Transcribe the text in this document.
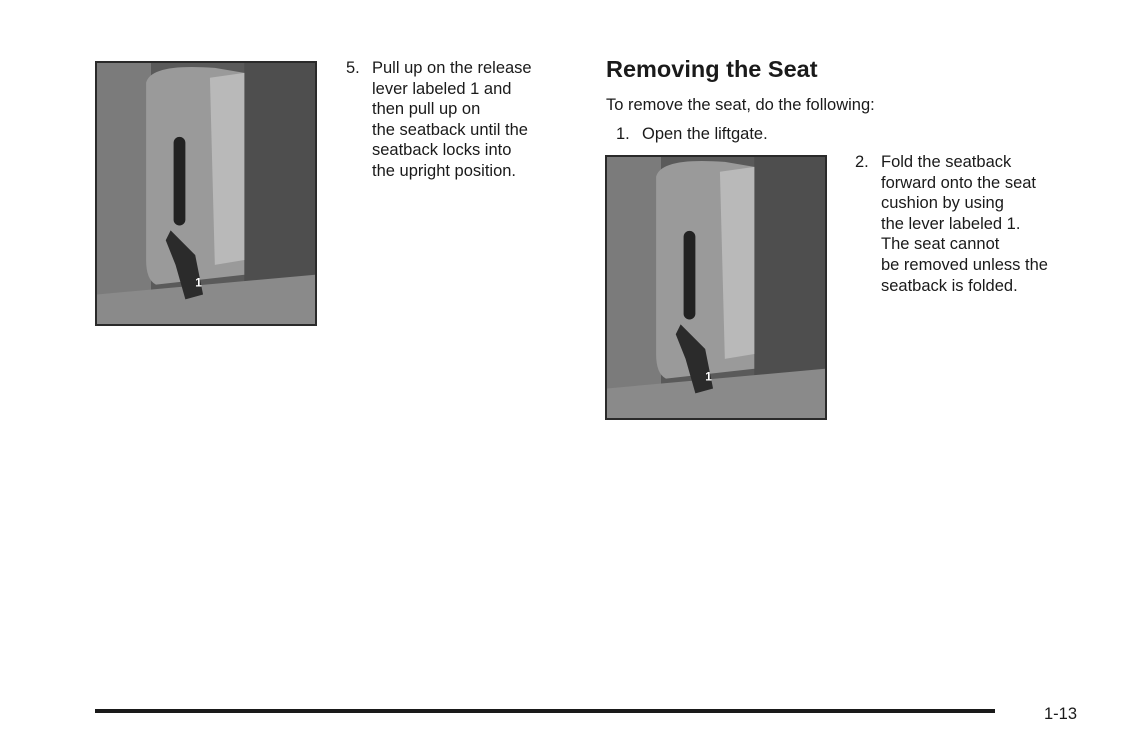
1
5. Pull up on the release
lever labeled 1 and
then pull up on
the seatback until the
seatback locks into
the upright position.
Removing the Seat
To remove the seat, do the following:
1. Open the liftgate.
1
2. Fold the seatback
forward onto the seat
cushion by using
the lever labeled 1.
The seat cannot
be removed unless the
seatback is folded.
1-13
